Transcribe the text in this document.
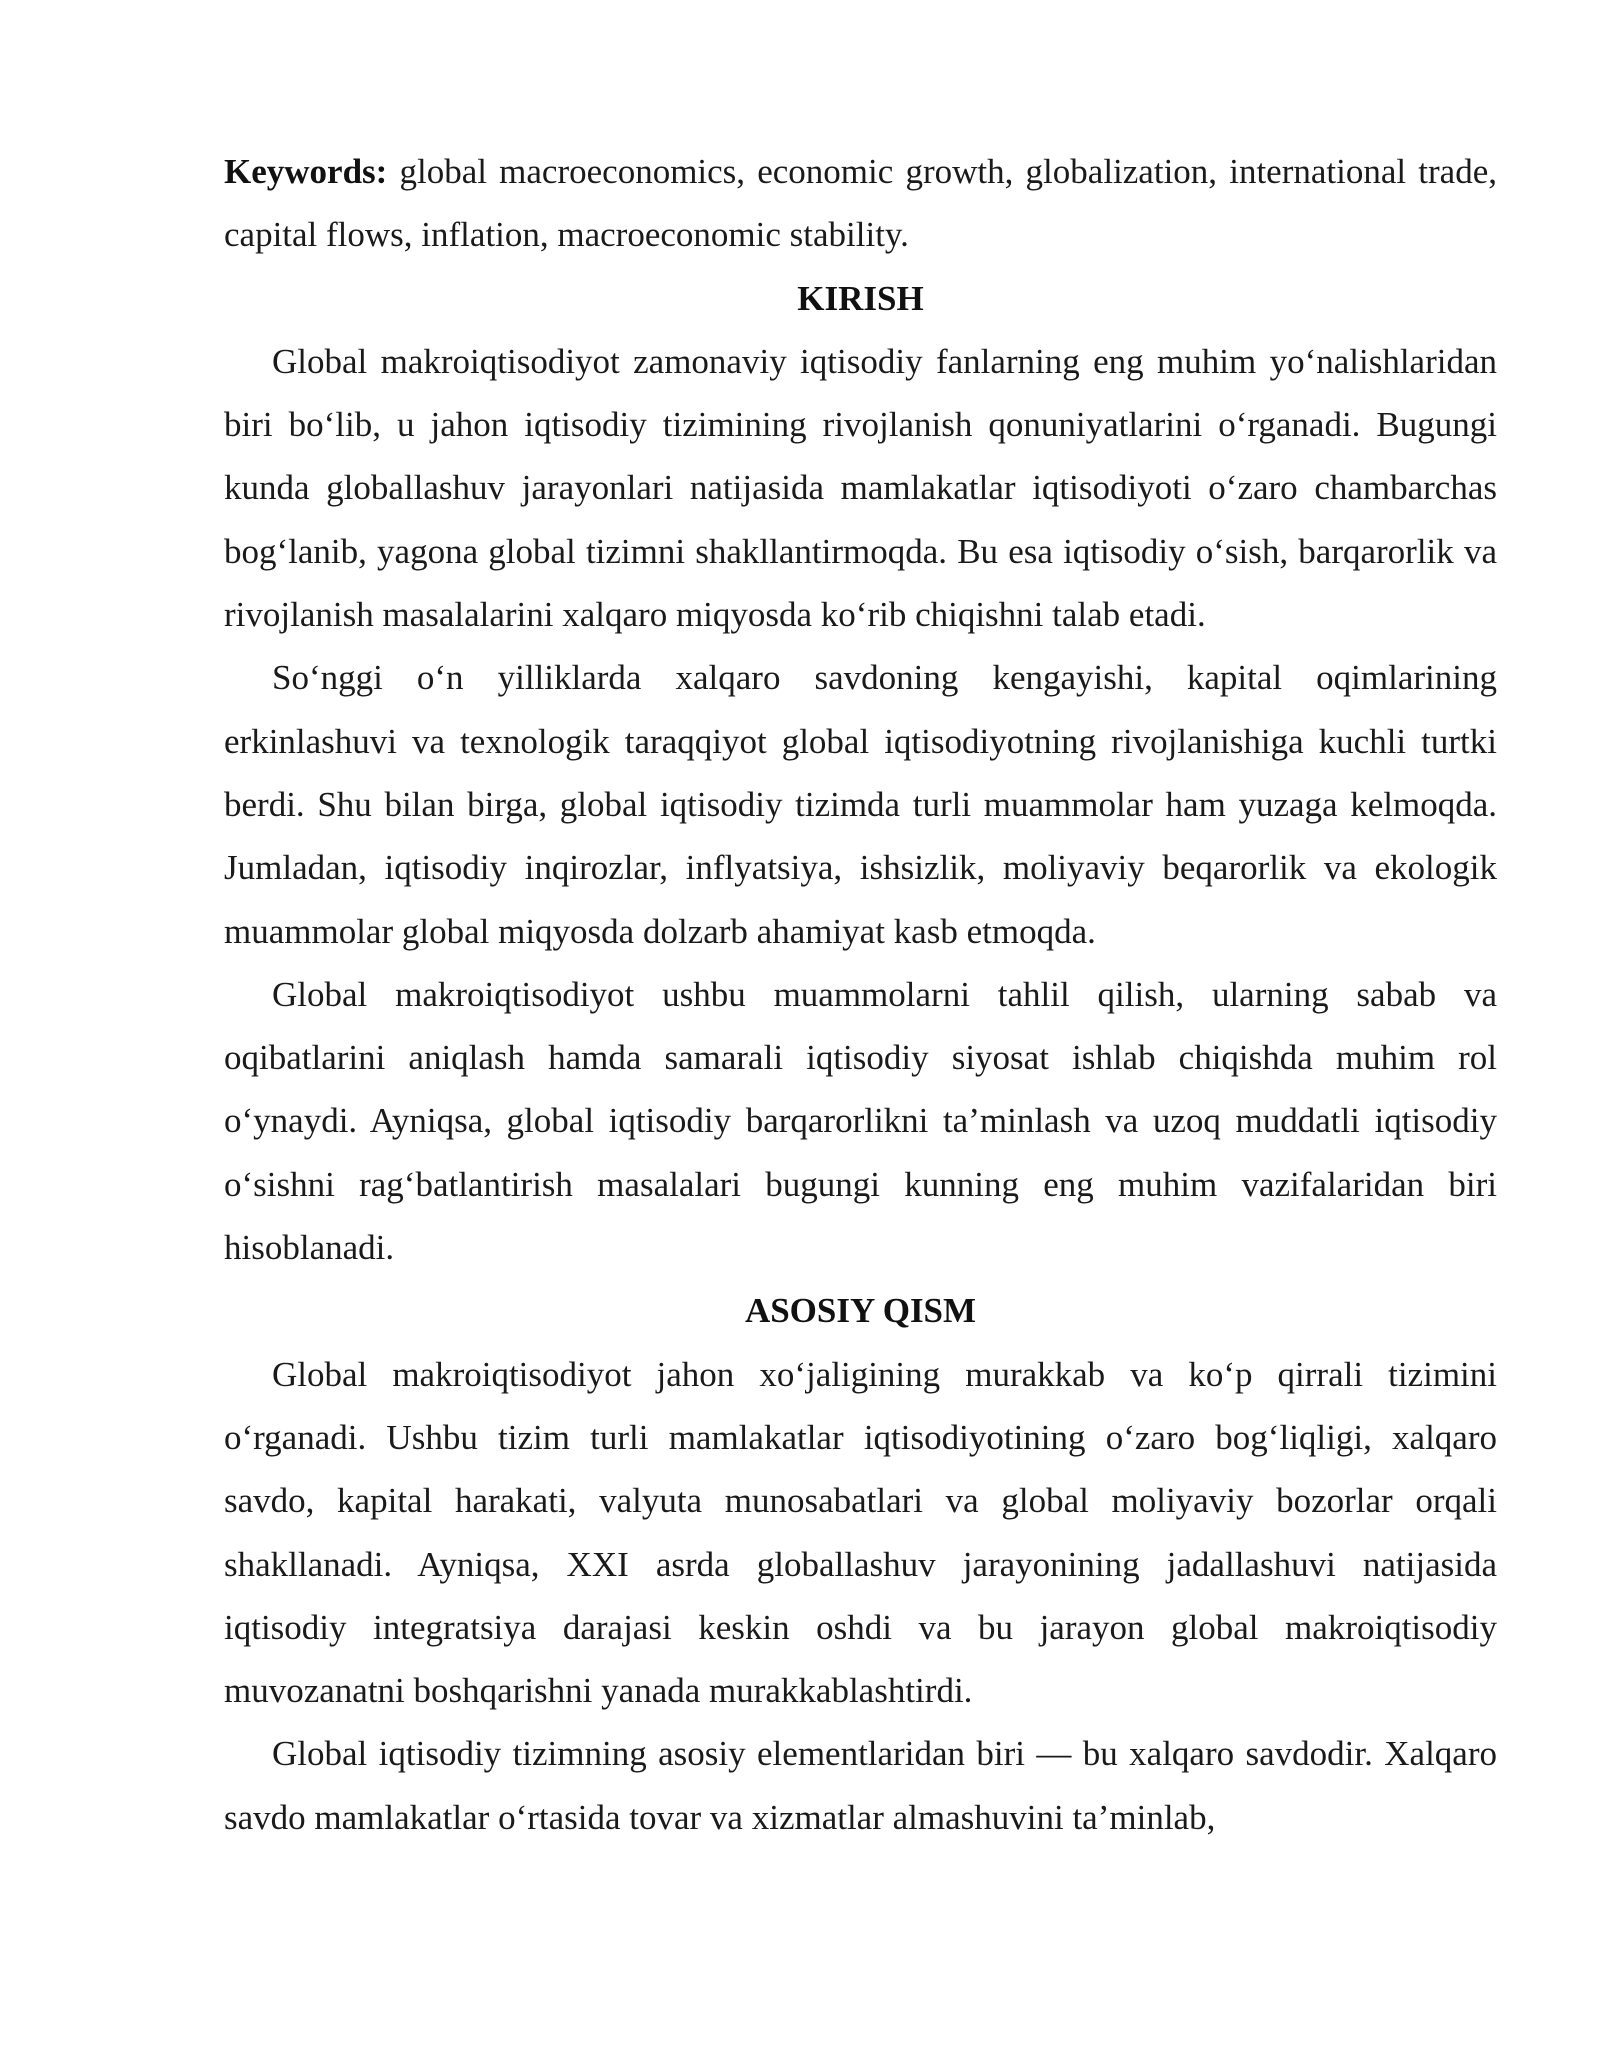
Keywords: global macroeconomics, economic growth, globalization, international trade, capital flows, inflation, macroeconomic stability.

KIRISH

Global makroiqtisodiyot zamonaviy iqtisodiy fanlarning eng muhim yo‘nalishlaridan biri bo‘lib, u jahon iqtisodiy tizimining rivojlanish qonuniyatlarini o‘rganadi. Bugungi kunda globallashuv jarayonlari natijasida mamlakatlar iqtisodiyoti o‘zaro chambarchas bog‘lanib, yagona global tizimni shakllantirmoqda. Bu esa iqtisodiy o‘sish, barqarorlik va rivojlanish masalalarini xalqaro miqyosda ko‘rib chiqishni talab etadi.

So‘nggi o‘n yilliklarda xalqaro savdoning kengayishi, kapital oqimlarining erkinlashuvi va texnologik taraqqiyot global iqtisodiyotning rivojlanishiga kuchli turtki berdi. Shu bilan birga, global iqtisodiy tizimda turli muammolar ham yuzaga kelmoqda. Jumladan, iqtisodiy inqirozlar, inflyatsiya, ishsizlik, moliyaviy beqarorlik va ekologik muammolar global miqyosda dolzarb ahamiyat kasb etmoqda.

Global makroiqtisodiyot ushbu muammolarni tahlil qilish, ularning sabab va oqibatlarini aniqlash hamda samarali iqtisodiy siyosat ishlab chiqishda muhim rol o‘ynaydi. Ayniqsa, global iqtisodiy barqarorlikni ta’minlash va uzoq muddatli iqtisodiy o‘sishni rag‘batlantirish masalalari bugungi kunning eng muhim vazifalaridan biri hisoblanadi.

ASOSIY QISM

Global makroiqtisodiyot jahon xo‘jaligining murakkab va ko‘p qirrali tizimini o‘rganadi. Ushbu tizim turli mamlakatlar iqtisodiyotining o‘zaro bog‘liqligi, xalqaro savdo, kapital harakati, valyuta munosabatlari va global moliyaviy bozorlar orqali shakllanadi. Ayniqsa, XXI asrda globallashuv jarayonining jadallashuvi natijasida iqtisodiy integratsiya darajasi keskin oshdi va bu jarayon global makroiqtisodiy muvozanatni boshqarishni yanada murakkablashtirdi.

Global iqtisodiy tizimning asosiy elementlaridan biri — bu xalqaro savdodir. Xalqaro savdo mamlakatlar o‘rtasida tovar va xizmatlar almashuvini ta’minlab,
